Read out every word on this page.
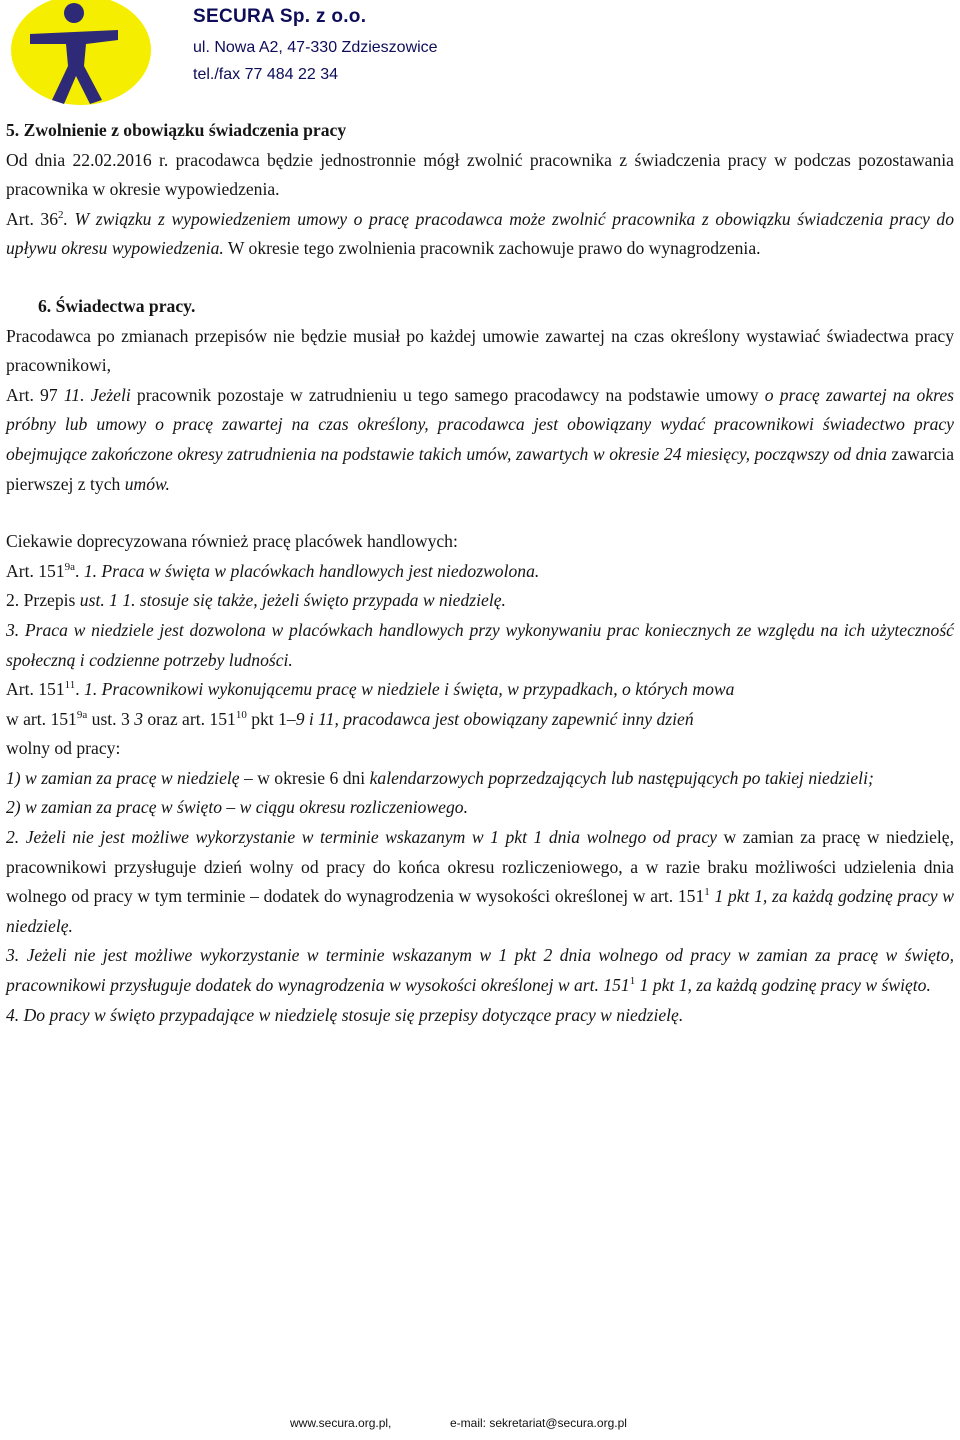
SECURA Sp. z o.o.
ul. Nowa A2, 47-330 Zdzieszowice
tel./fax 77 484 22 34

5. Zwolnienie z obowiązku świadczenia pracy

Od dnia 22.02.2016 r. pracodawca będzie jednostronnie mógł zwolnić pracownika z świadczenia pracy w podczas pozostawania pracownika w okresie wypowiedzenia.

Art. $36^2$. W związku z wypowiedzeniem umowy o pracę pracodawca może zwolnić pracownika z obowiązku świadczenia pracy do upływu okresu wypowiedzenia. W okresie tego zwolnienia pracownik zachowuje prawo do wynagrodzenia.

6. Świadectwa pracy.

Pracodawca po zmianach przepisów nie będzie musiał po każdej umowie zawartej na czas określony wystawiać świadectwa pracy pracownikowi,

Art. 97 11. Jeżeli pracownik pozostaje w zatrudnieniu u tego samego pracodawcy na podstawie umowy o pracę zawartej na okres próbny lub umowy o pracę zawartej na czas określony, pracodawca jest obowiązany wydać pracownikowi świadectwo pracy obejmujące zakończone okresy zatrudnienia na podstawie takich umów, zawartych w okresie 24 miesięcy, począwszy od dnia zawarcia pierwszej z tych umów.

Ciekawie doprecyzowana również pracę placówek handlowych:

Art. $151^{9a}$. 1. Praca w święta w placówkach handlowych jest niedozwolona.

2. Przepis ust. 1 1. stosuje się także, jeżeli święto przypada w niedzielę.

3. Praca w niedziele jest dozwolona w placówkach handlowych przy wykonywaniu prac koniecznych ze względu na ich użyteczność społeczną i codzienne potrzeby ludności.

Art. $151^{11}$. 1. Pracownikowi wykonującemu pracę w niedziele i święta, w przypadkach, o których mowa

w art. $151^{9a}$ ust. 3 3 oraz art. $151^{10}$ pkt 1–9 i 11, pracodawca jest obowiązany zapewnić inny dzień

wolny od pracy:

1) w zamian za pracę w niedzielę – w okresie 6 dni kalendarzowych poprzedzających lub następujących po takiej niedzieli;

2) w zamian za pracę w święto – w ciągu okresu rozliczeniowego.

2. Jeżeli nie jest możliwe wykorzystanie w terminie wskazanym w 1 pkt 1 dnia wolnego od pracy w zamian za pracę w niedzielę, pracownikowi przysługuje dzień wolny od pracy do końca okresu rozliczeniowego, a w razie braku możliwości udzielenia dnia wolnego od pracy w tym terminie – dodatek do wynagrodzenia w wysokości określonej w art. $151^1$ 1 pkt 1, za każdą godzinę pracy w niedzielę.

3. Jeżeli nie jest możliwe wykorzystanie w terminie wskazanym w 1 pkt 2 dnia wolnego od pracy w zamian za pracę w święto, pracownikowi przysługuje dodatek do wynagrodzenia w wysokości określonej w art. $151^1$ 1 pkt 1, za każdą godzinę pracy w święto.

4. Do pracy w święto przypadające w niedzielę stosuje się przepisy dotyczące pracy w niedzielę.

www.secura.org.pl,	e-mail: sekretariat@secura.org.pl
